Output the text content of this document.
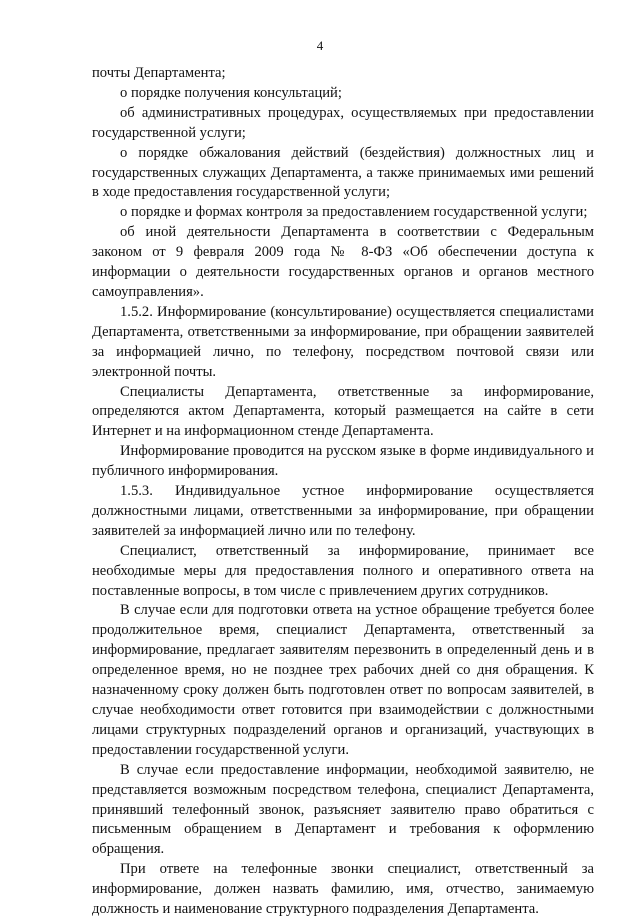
4

почты Департамента;

о порядке получения консультаций;

об административных процедурах, осуществляемых при предоставлении государственной услуги;

о порядке обжалования действий (бездействия) должностных лиц и государственных служащих Департамента, а также принимаемых ими решений в ходе предоставления государственной услуги;

о порядке и формах контроля за предоставлением государственной услуги;

об иной деятельности Департамента в соответствии с Федеральным законом от 9 февраля 2009 года № 8-ФЗ «Об обеспечении доступа к информации о деятельности государственных органов и органов местного самоуправления».

1.5.2. Информирование (консультирование) осуществляется специалистами Департамента, ответственными за информирование, при обращении заявителей за информацией лично, по телефону, посредством почтовой связи или электронной почты.

Специалисты Департамента, ответственные за информирование, определяются актом Департамента, который размещается на сайте в сети Интернет и на информационном стенде Департамента.

Информирование проводится на русском языке в форме индивидуального и публичного информирования.

1.5.3. Индивидуальное устное информирование осуществляется должностными лицами, ответственными за информирование, при обращении заявителей за информацией лично или по телефону.

Специалист, ответственный за информирование, принимает все необходимые меры для предоставления полного и оперативного ответа на поставленные вопросы, в том числе с привлечением других сотрудников.

В случае если для подготовки ответа на устное обращение требуется более продолжительное время, специалист Департамента, ответственный за информирование, предлагает заявителям перезвонить в определенный день и в определенное время, но не позднее трех рабочих дней со дня обращения. К назначенному сроку должен быть подготовлен ответ по вопросам заявителей, в случае необходимости ответ готовится при взаимодействии с должностными лицами структурных подразделений органов и организаций, участвующих в предоставлении государственной услуги.

В случае если предоставление информации, необходимой заявителю, не представляется возможным посредством телефона, специалист Департамента, принявший телефонный звонок, разъясняет заявителю право обратиться с письменным обращением в Департамент и требования к оформлению обращения.

При ответе на телефонные звонки специалист, ответственный за информирование, должен назвать фамилию, имя, отчество, занимаемую должность и наименование структурного подразделения Департамента.
